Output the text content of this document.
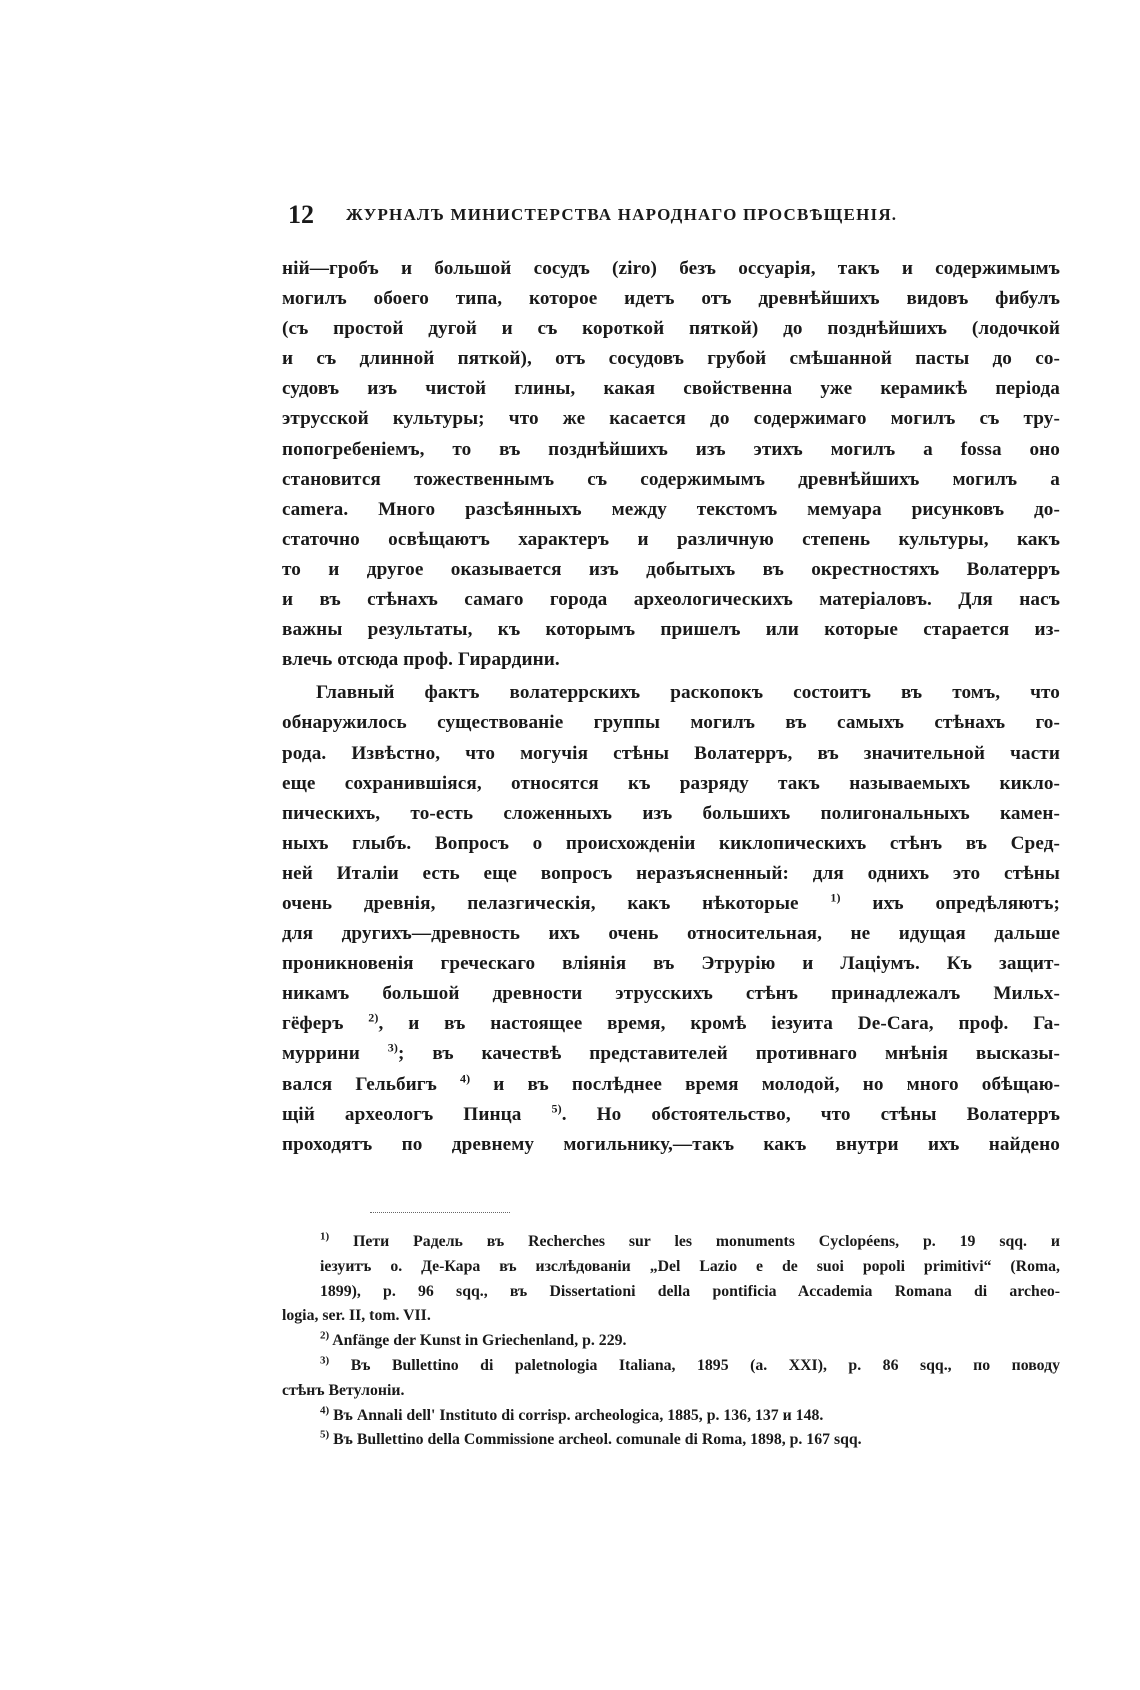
12 ЖУРНАЛЪ МИНИСТЕРСТВА НАРОДНАГО ПРОСВѢЩЕНІЯ.

ній—гробъ и большой сосудъ (ziro) безъ оссуарія, такъ и содержимымъ

могилъ обоего типа, которое идетъ отъ древнѣйшихъ видовъ фибулъ

(съ простой дугой и съ короткой пяткой) до позднѣйшихъ (лодочкой

и съ длинной пяткой), отъ сосудовъ грубой смѣшанной пасты до со-

судовъ изъ чистой глины, какая свойственна уже керамикѣ періода

этрусской культуры; что же касается до содержимаго могилъ съ тру-

попогребеніемъ, то въ позднѣйшихъ изъ этихъ могилъ a fossa оно

становится тожественнымъ съ содержимымъ древнѣйшихъ могилъ a

camera. Много разсѣянныхъ между текстомъ мемуара рисунковъ до-

статочно освѣщаютъ характеръ и различную степень культуры, какъ

то и другое оказывается изъ добытыхъ въ окрестностяхъ Волатерръ

и въ стѣнахъ самаго города археологическихъ матеріаловъ. Для насъ

важны результаты, къ которымъ пришелъ или которые старается из-

влечь отсюда проф. Гирардини.

Главный фактъ волатеррскихъ раскопокъ состоитъ въ томъ, что

обнаружилось существованіе группы могилъ въ самыхъ стѣнахъ го-

рода. Извѣстно, что могучія стѣны Волатерръ, въ значительной части

еще сохранившіяся, относятся къ разряду такъ называемыхъ кикло-

пическихъ, то-есть сложенныхъ изъ большихъ полигональныхъ камен-

ныхъ глыбъ. Вопросъ о происхожденіи киклопическихъ стѣнъ въ Сред-

ней Италіи есть еще вопросъ неразъясненный: для однихъ это стѣны

очень древнія, пелазгическія, какъ нѣкоторые	$^{1)}$ ихъ опредѣляютъ;

для другихъ—древность ихъ очень относительная, не идущая дальше

проникновенія греческаго вліянія въ Этрурію и Лаціумъ. Къ защит-

никамъ большой древности этрусскихъ стѣнъ принадлежалъ Мильх-

гёферъ $^{2)}$, и въ настоящее время, кромѣ іезуита De-Cara, проф. Га-

муррини $^{3)}$; въ качествѣ представителей противнаго мнѣнія высказы-

вался Гельбигъ $^{4)}$ и въ послѣднее время молодой, но много обѣщаю-

щій археологъ Пинца	$^{5)}$. Но обстоятельство, что стѣны Волатерръ

проходятъ по древнему могильнику,—такъ какъ внутри ихъ найдено

$^{1)}$ Пети Радель въ Recherches sur les monuments Cyclopéens, p. 19 sqq. и
іезуитъ о. Де-Кара въ изслѣдованіи „Del Lazio e de suoi popoli primitivi“ (Roma,
1899), p. 96 sqq., въ Dissertationi della pontificia Accademia Romana di archeo-
logia, ser. II, tom. VII.
$^{2)}$ Anfänge der Kunst in Griechenland, p. 229.
$^{3)}$ Въ Bullettino di paletnologia Italiana, 1895 (a. XXI), p. 86 sqq., по поводу
стѣнъ Ветулоніи.
$^{4)}$ Въ Annali dell' Instituto di corrisp. archeologica, 1885, p. 136, 137 и 148.
$^{5)}$ Въ Bullettino della Commissione archeol. comunale di Roma, 1898, p. 167 sqq.
